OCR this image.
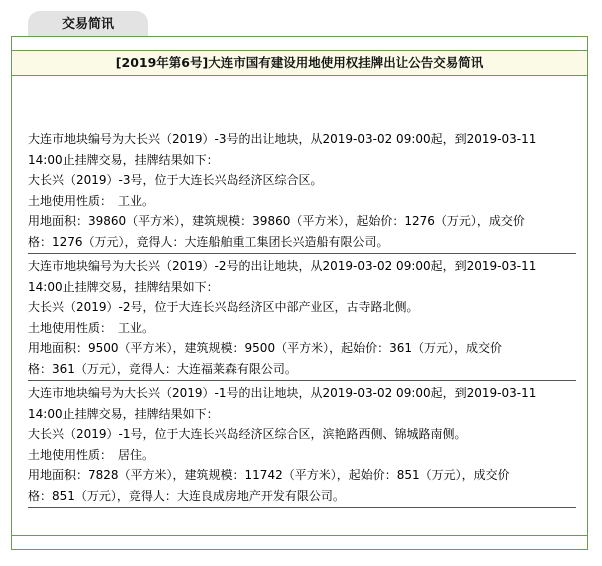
交易简讯
[2019年第6号]大连市国有建设用地使用权挂牌出让公告交易简讯
大连市地块编号为大长兴（2019）-3号的出让地块，从2019-03-02 09:00起，到2019-03-11
14:00止挂牌交易，挂牌结果如下：
大长兴（2019）-3号，位于大连长兴岛经济区综合区。
土地使用性质：　工业。
用地面积：39860（平方米），建筑规模：39860（平方米），起始价：1276（万元），成交价
格：1276（万元），竞得人：大连船舶重工集团长兴造船有限公司。
大连市地块编号为大长兴（2019）-2号的出让地块，从2019-03-02 09:00起，到2019-03-11
14:00止挂牌交易，挂牌结果如下：
大长兴（2019）-2号，位于大连长兴岛经济区中部产业区，古寺路北侧。
土地使用性质：　工业。
用地面积：9500（平方米），建筑规模：9500（平方米），起始价：361（万元），成交价
格：361（万元），竞得人：大连福莱森有限公司。
大连市地块编号为大长兴（2019）-1号的出让地块，从2019-03-02 09:00起，到2019-03-11
14:00止挂牌交易，挂牌结果如下：
大长兴（2019）-1号，位于大连长兴岛经济区综合区，滨艳路西侧、锦城路南侧。
土地使用性质：　居住。
用地面积：7828（平方米），建筑规模：11742（平方米），起始价：851（万元），成交价
格：851（万元），竞得人：大连良成房地产开发有限公司。
